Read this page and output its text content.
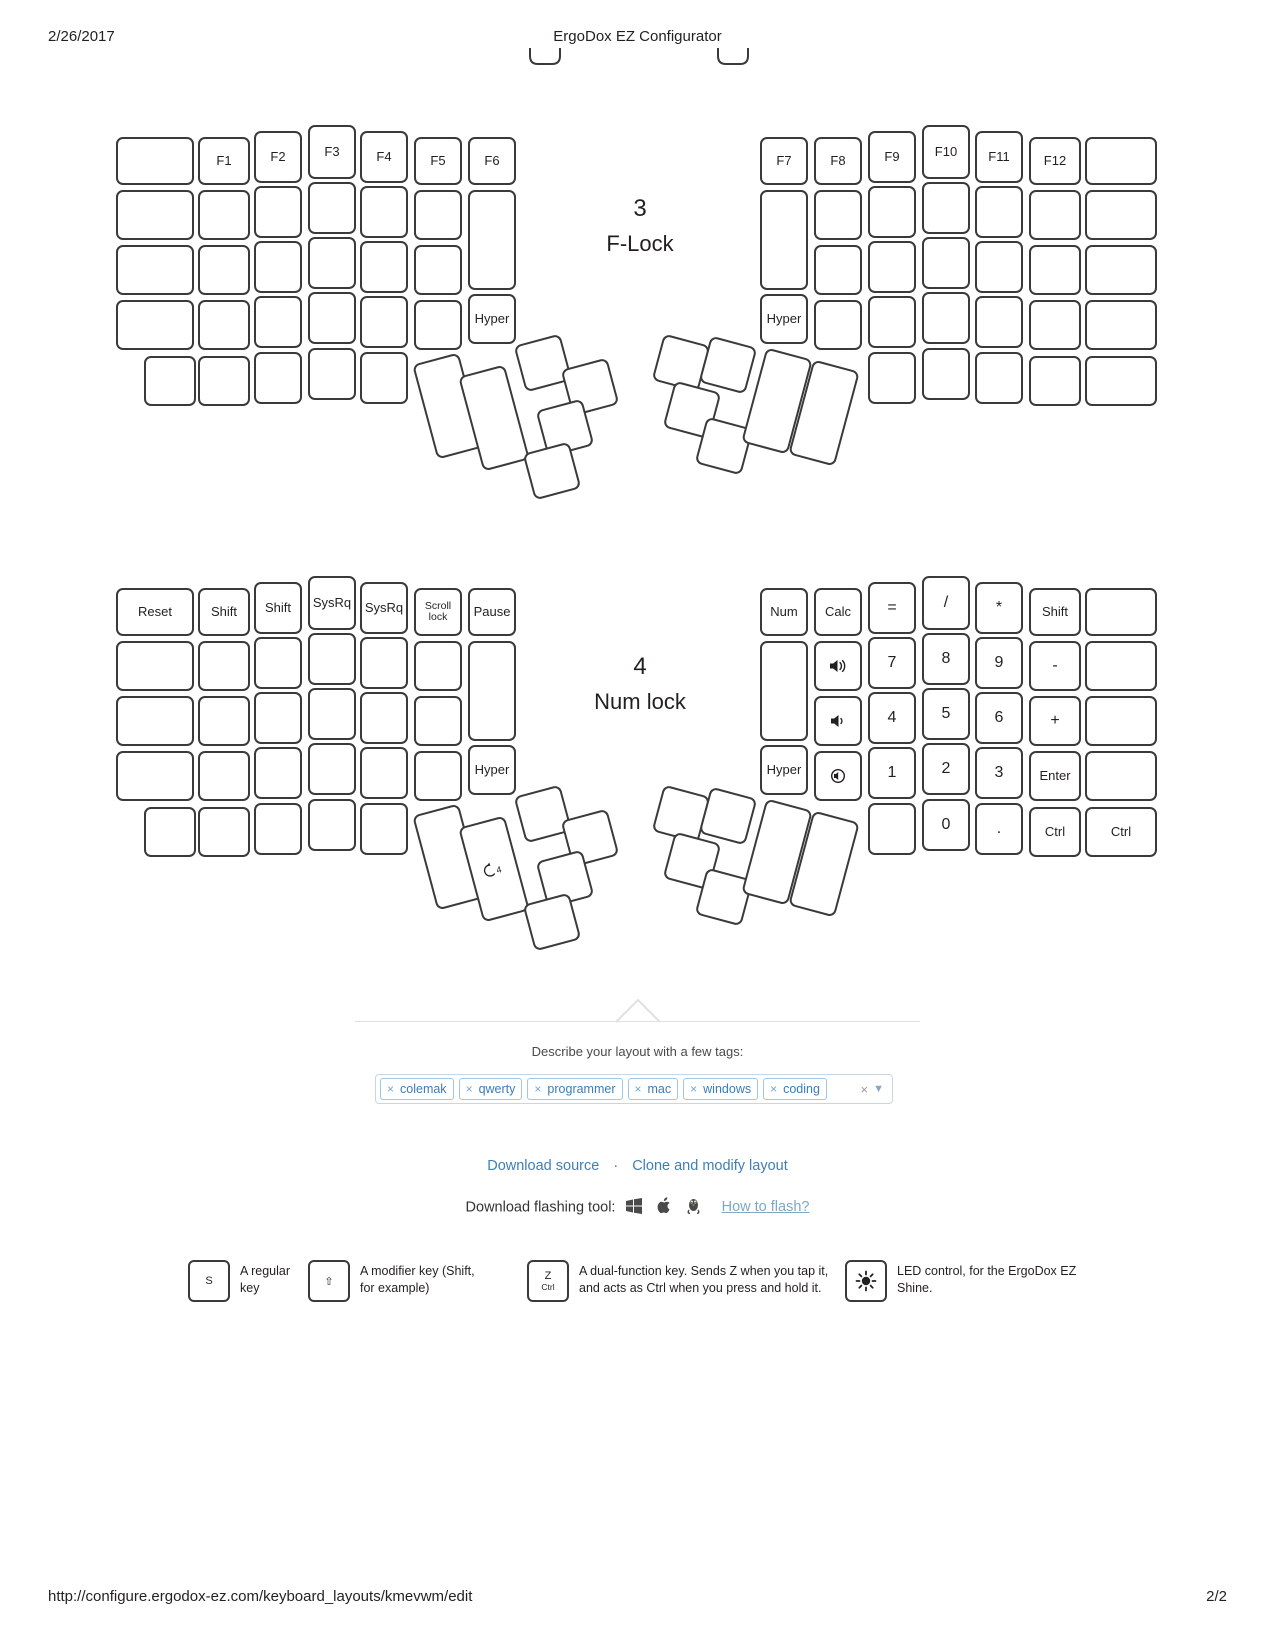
2/26/2017	ErgoDox EZ Configurator
3
F-Lock
F1	F2	F3	F4	F5	F6
Hyper
F7	F8	F9	F10	F11	F12
Hyper
4
Num lock
Reset	Shift	Shift	SysRq	SysRq	Scroll
lock	Pause
Hyper
Num	Calc	=	/	*	Shift
7	8	9	-
4	5	6	+
Hyper	1	2	3	Enter
0	.	Ctrl	Ctrl
4
Describe your layout with a few tags:
× colemak × qwerty × programmer × mac × windows × coding	× ▼
Download source · Clone and modify layout
Download flashing tool:	How to flash?
S
A regular key	⇧
A modifier key (Shift, for example)
Z
Ctrl
A dual-function key. Sends Z when you tap it, and acts as Ctrl when you press and hold it.
LED control, for the ErgoDox EZ Shine.
http://configure.ergodox-ez.com/keyboard_layouts/kmevwm/edit	2/2
